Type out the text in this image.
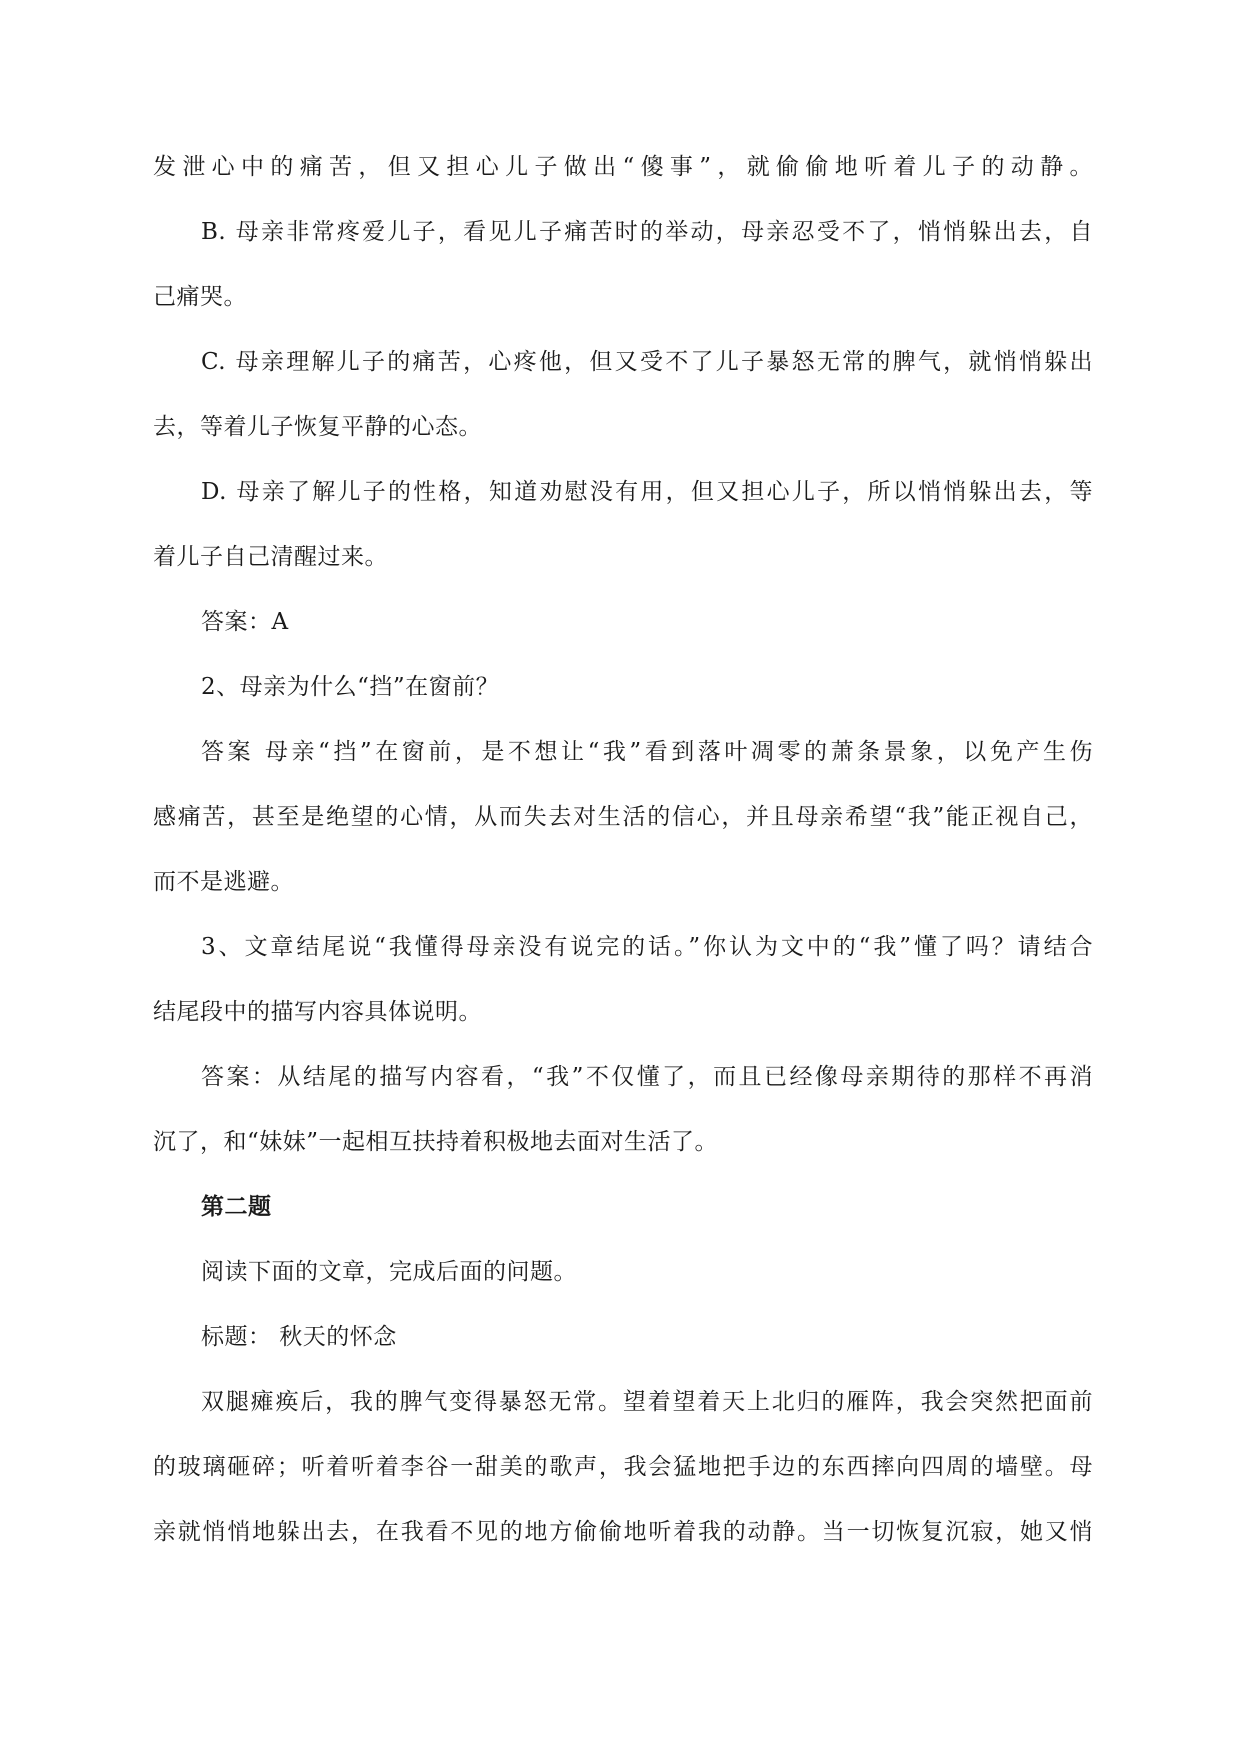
发泄心中的痛苦，但又担心儿子做出“傻事”，就偷偷地听着儿子的动静。
B. 母亲非常疼爱儿子，看见儿子痛苦时的举动，母亲忍受不了，悄悄躲出去，自
己痛哭。
C. 母亲理解儿子的痛苦，心疼他，但又受不了儿子暴怒无常的脾气，就悄悄躲出
去，等着儿子恢复平静的心态。
D. 母亲了解儿子的性格，知道劝慰没有用，但又担心儿子，所以悄悄躲出去，等
着儿子自己清醒过来。
答案：A
2、母亲为什么“挡”在窗前？
答案 母亲“挡”在窗前，是不想让“我”看到落叶凋零的萧条景象，以免产生伤
感痛苦，甚至是绝望的心情，从而失去对生活的信心，并且母亲希望“我”能正视自己，
而不是逃避。
3、文章结尾说“我懂得母亲没有说完的话。”你认为文中的“我”懂了吗？请结合
结尾段中的描写内容具体说明。
答案：从结尾的描写内容看，“我”不仅懂了，而且已经像母亲期待的那样不再消
沉了，和“妹妹”一起相互扶持着积极地去面对生活了。
第二题
阅读下面的文章，完成后面的问题。
标题： 秋天的怀念
双腿瘫痪后，我的脾气变得暴怒无常。望着望着天上北归的雁阵，我会突然把面前
的玻璃砸碎；听着听着李谷一甜美的歌声，我会猛地把手边的东西摔向四周的墙壁。母
亲就悄悄地躲出去，在我看不见的地方偷偷地听着我的动静。当一切恢复沉寂，她又悄
